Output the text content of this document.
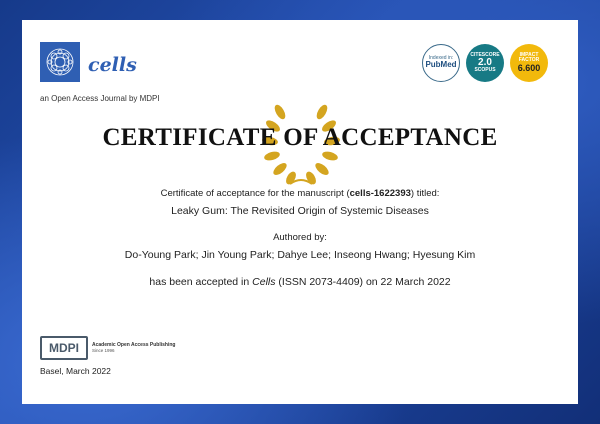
cells
an Open Access Journal by MDPI
Indexed in:
PubMed
CITESCORE
2.0
SCOPUS
IMPACT
FACTOR
6.600
CERTIFICATE OF ACCEPTANCE
Certificate of acceptance for the manuscript (cells-1622393) titled:
Leaky Gum: The Revisited Origin of Systemic Diseases
Authored by:
Do-Young Park; Jin Young Park; Dahye Lee; Inseong Hwang; Hyesung Kim
has been accepted in Cells (ISSN 2073-4409) on 22 March 2022
MDPI	Academic Open Access Publishing
Since 1996
Basel, March 2022
